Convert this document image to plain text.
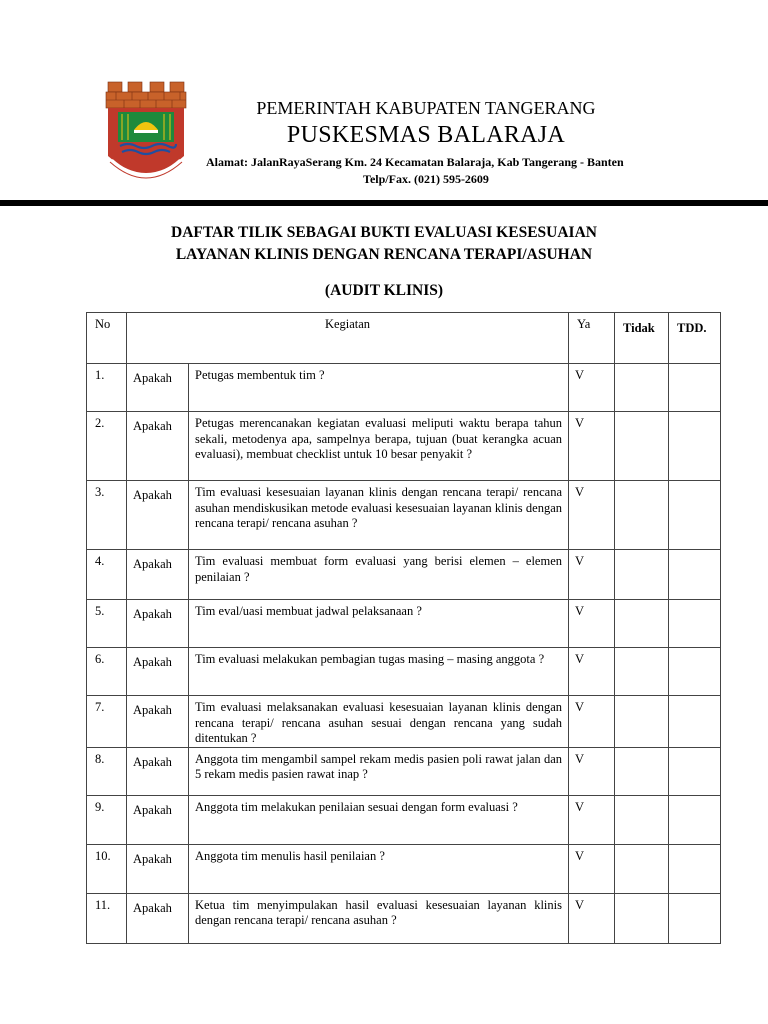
PEMERINTAH KABUPATEN TANGERANG
PUSKESMAS BALARAJA
Alamat: JalanRayaSerang Km. 24 Kecamatan Balaraja, Kab Tangerang - Banten
Telp/Fax. (021) 595-2609
DAFTAR TILIK SEBAGAI BUKTI EVALUASI KESESUAIAN
LAYANAN KLINIS DENGAN RENCANA TERAPI/ASUHAN
(AUDIT KLINIS)
No	Kegiatan		Ya	Tidak	TDD.
1.	Apakah	Petugas membentuk tim ?	V		
2.	Apakah	Petugas merencanakan kegiatan evaluasi meliputi waktu berapa tahun sekali, metodenya apa, sampelnya berapa, tujuan (buat kerangka acuan evaluasi), membuat checklist untuk 10 besar penyakit ?	V		
3.	Apakah	Tim evaluasi kesesuaian layanan klinis dengan rencana terapi/ rencana asuhan mendiskusikan metode evaluasi kesesuaian layanan klinis dengan rencana terapi/ rencana asuhan ?	V		
4.	Apakah	Tim evaluasi membuat form evaluasi yang berisi elemen – elemen penilaian ?	V		
5.	Apakah	Tim eval/uasi membuat jadwal pelaksanaan ?	V		
6.	Apakah	Tim evaluasi melakukan pembagian tugas masing – masing anggota ?	V		
7.	Apakah	Tim evaluasi melaksanakan evaluasi kesesuaian layanan klinis dengan rencana terapi/ rencana asuhan sesuai dengan rencana yang sudah ditentukan ?	V		
8.	Apakah	Anggota tim mengambil sampel rekam medis pasien poli rawat jalan dan 5 rekam medis pasien rawat inap ?	V		
9.	Apakah	Anggota tim melakukan penilaian sesuai dengan form evaluasi ?	V		
10.	Apakah	Anggota tim menulis hasil penilaian ?	V		
11.	Apakah	Ketua tim menyimpulakan hasil evaluasi kesesuaian layanan klinis dengan rencana terapi/ rencana asuhan ?	V		
